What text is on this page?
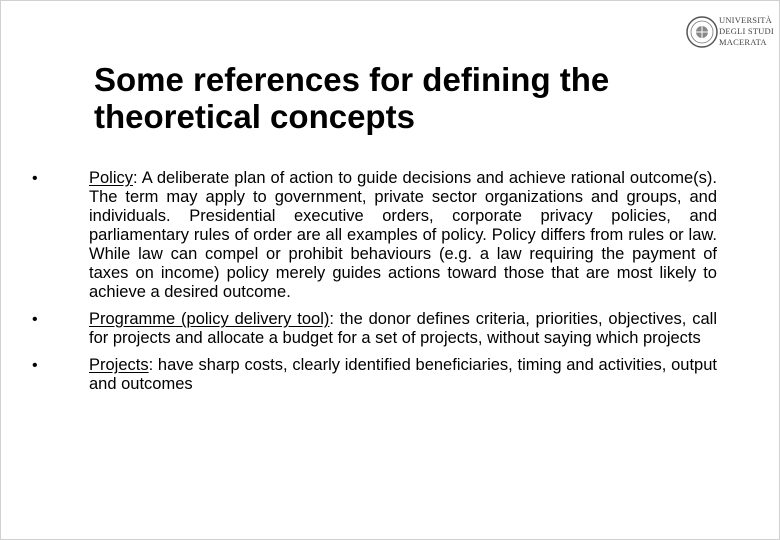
UNIVERSITÀ
DEGLI STUDI
MACERATA
Some references for defining the
theoretical concepts
•	Policy: A deliberate plan of action to guide decisions and achieve rational outcome(s). The term may apply to government, private sector organizations and groups, and individuals. Presidential executive orders, corporate privacy policies, and parliamentary rules of order are all examples of policy. Policy differs from rules or law. While law can compel or prohibit behaviours (e.g. a law requiring the payment of taxes on income) policy merely guides actions toward those that are most likely to achieve a desired outcome.
•	Programme (policy delivery tool): the donor defines criteria, priorities, objectives, call for projects and allocate a budget for a set of projects, without saying which projects
•	Projects: have sharp costs, clearly identified beneficiaries, timing and activities, output and outcomes
